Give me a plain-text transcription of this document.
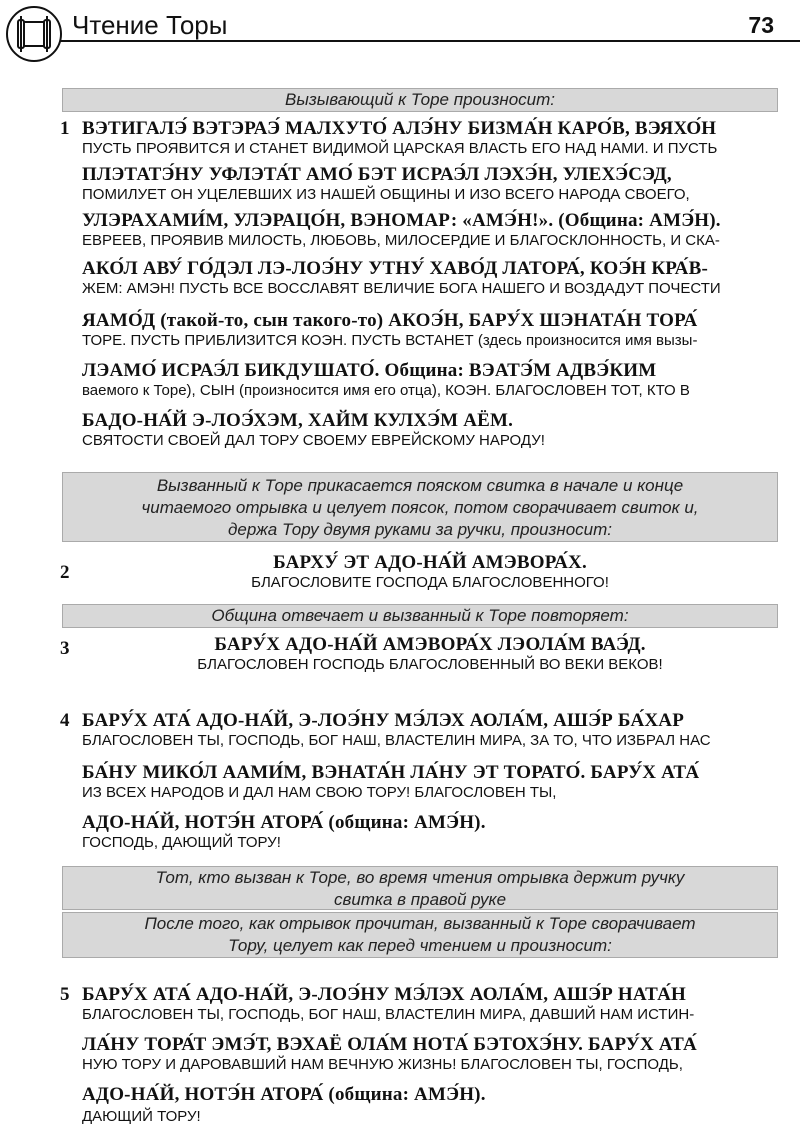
Чтение Торы	73
Вызывающий к Торе произносит:
1 ВЭТИГАЛЭ́ ВЭТЭРАЭ́ МАЛХУТО́ АЛЭ́НУ БИЗМА́Н КАРО́В, ВЭЯХО́Н
ПУСТЬ ПРОЯВИТСЯ И СТАНЕТ ВИДИМОЙ ЦАРСКАЯ ВЛАСТЬ ЕГО НАД НАМИ. И ПУСТЬ
ПЛЭТАТЭ́НУ УФЛЭТА́Т АМО́ БЭТ ИСРАЭ́Л ЛЭХЭ́Н, УЛЕХЭ́СЭД,
ПОМИЛУЕТ ОН УЦЕЛЕВШИХ ИЗ НАШЕЙ ОБЩИНЫ И ИЗО ВСЕГО НАРОДА СВОЕГО,
УЛЭРАХАМИ́М, УЛЭРАЦО́Н, ВЭНОМАР: «АМЭ́Н!». (Община: АМЭ́Н).
ЕВРЕЕВ, ПРОЯВИВ МИЛОСТЬ, ЛЮБОВЬ, МИЛОСЕРДИЕ И БЛАГОСКЛОННОСТЬ, И СКА-
АКО́Л АВУ́ ГО́ДЭЛ ЛЭ-ЛОЭ́НУ УТНУ́ ХАВО́Д ЛАТОРА́, КОЭ́Н КРА́В-
ЖЕМ: АМЭН! ПУСТЬ ВСЕ ВОССЛАВЯТ ВЕЛИЧИЕ БОГА НАШЕГО И ВОЗДАДУТ ПОЧЕСТИ
ЯАМО́Д (такой-то, сын такого-то) АКОЭ́Н, БАРУ́Х ШЭНАТА́Н ТОРА́
ТОРЕ. ПУСТЬ ПРИБЛИЗИТСЯ КОЭН. ПУСТЬ ВСТАНЕТ (здесь произносится имя вызы-
ЛЭАМО́ ИСРАЭ́Л БИКДУШАТО́. Община: ВЭАТЭ́М АДВЭ́КИМ
ваемого к Торе), СЫН (произносится имя его отца), КОЭН. БЛАГОСЛОВЕН ТОТ, КТО В
БАДО-НА́Й Э-ЛОЭ́ХЭМ, ХАЙМ КУЛХЭ́М АЁМ.
СВЯТОСТИ СВОЕЙ ДАЛ ТОРУ СВОЕМУ ЕВРЕЙСКОМУ НАРОДУ!
Вызванный к Торе прикасается пояском свитка в начале и конце
читаемого отрывка и целует поясок, потом сворачивает свиток и,
держа Тору двумя руками за ручки, произносит:
2	БАРХУ́ ЭТ АДО-НА́Й АМЭВОРА́Х.
БЛАГОСЛОВИТЕ ГОСПОДА БЛАГОСЛОВЕННОГО!
Община отвечает и вызванный к Торе повторяет:
3	БАРУ́Х АДО-НА́Й АМЭВОРА́Х ЛЭОЛА́М ВАЭ́Д.
БЛАГОСЛОВЕН ГОСПОДЬ БЛАГОСЛОВЕННЫЙ ВО ВЕКИ ВЕКОВ!
4 БАРУ́Х АТА́ АДО-НА́Й, Э-ЛОЭ́НУ МЭ́ЛЭХ АОЛА́М, АШЭ́Р БА́ХАР
БЛАГОСЛОВЕН ТЫ, ГОСПОДЬ, БОГ НАШ, ВЛАСТЕЛИН МИРА, ЗА ТО, ЧТО ИЗБРАЛ НАС
БА́НУ МИКО́Л ААМИ́М, ВЭНАТА́Н ЛА́НУ ЭТ ТОРАТО́. БАРУ́Х АТА́
ИЗ ВСЕХ НАРОДОВ И ДАЛ НАМ СВОЮ ТОРУ! БЛАГОСЛОВЕН ТЫ,
АДО-НА́Й, НОТЭ́Н АТОРА́ (община: АМЭ́Н).
ГОСПОДЬ, ДАЮЩИЙ ТОРУ!
Тот, кто вызван к Торе, во время чтения отрывка держит ручку
свитка в правой руке
После того, как отрывок прочитан, вызванный к Торе сворачивает
Тору, целует как перед чтением и произносит:
5 БАРУ́Х АТА́ АДО-НА́Й, Э-ЛОЭ́НУ МЭ́ЛЭХ АОЛА́М, АШЭ́Р НАТА́Н
БЛАГОСЛОВЕН ТЫ, ГОСПОДЬ, БОГ НАШ, ВЛАСТЕЛИН МИРА, ДАВШИЙ НАМ ИСТИН-
ЛА́НУ ТОРА́Т ЭМЭ́Т, ВЭХАЁ ОЛА́М НОТА́ БЭТОХЭ́НУ. БАРУ́Х АТА́
НУЮ ТОРУ И ДАРОВАВШИЙ НАМ ВЕЧНУЮ ЖИЗНЬ! БЛАГОСЛОВЕН ТЫ, ГОСПОДЬ,
АДО-НА́Й, НОТЭ́Н АТОРА́ (община: АМЭ́Н).
ДАЮЩИЙ ТОРУ!
